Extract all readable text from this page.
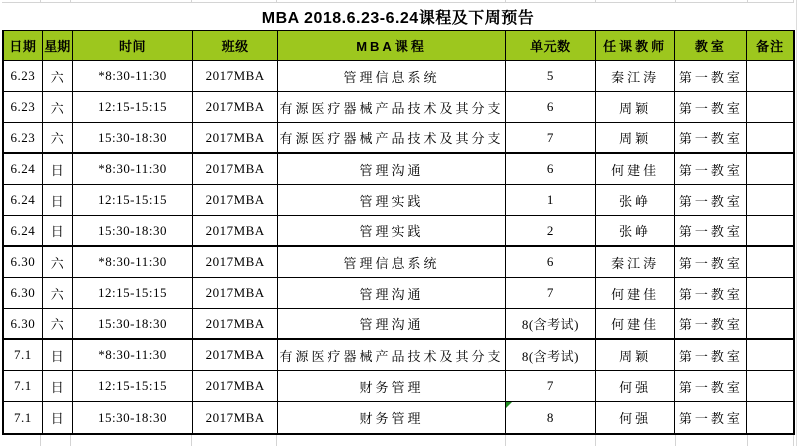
MBA 2018.6.23-6.24课程及下周预告
日期 星期	时间	班级	MBA课程	单元数	任课教师	教室	备注
6.23	六	*8:30-11:30	2017MBA	管理信息系统	5	秦江涛	第一教室
6.23	六	12:15-15:15	2017MBA	有源医疗器械产品技术及其分支	6	周颖	第一教室
6.23	六	15:30-18:30	2017MBA	有源医疗器械产品技术及其分支	7	周颖	第一教室
6.24	日	*8:30-11:30	2017MBA	管理沟通	6	何建佳	第一教室
6.24	日	12:15-15:15	2017MBA	管理实践	1	张峥	第一教室
6.24	日	15:30-18:30	2017MBA	管理实践	2	张峥	第一教室
6.30	六	*8:30-11:30	2017MBA	管理信息系统	6	秦江涛	第一教室
6.30	六	12:15-15:15	2017MBA	管理沟通	7	何建佳	第一教室
6.30	六	15:30-18:30	2017MBA	管理沟通	8(含考试)	何建佳	第一教室
7.1	日	*8:30-11:30	2017MBA	有源医疗器械产品技术及其分支	8(含考试)	周颖	第一教室
7.1	日	12:15-15:15	2017MBA	财务管理	7	何强	第一教室
7.1	日	15:30-18:30	2017MBA	财务管理	8	何强	第一教室
